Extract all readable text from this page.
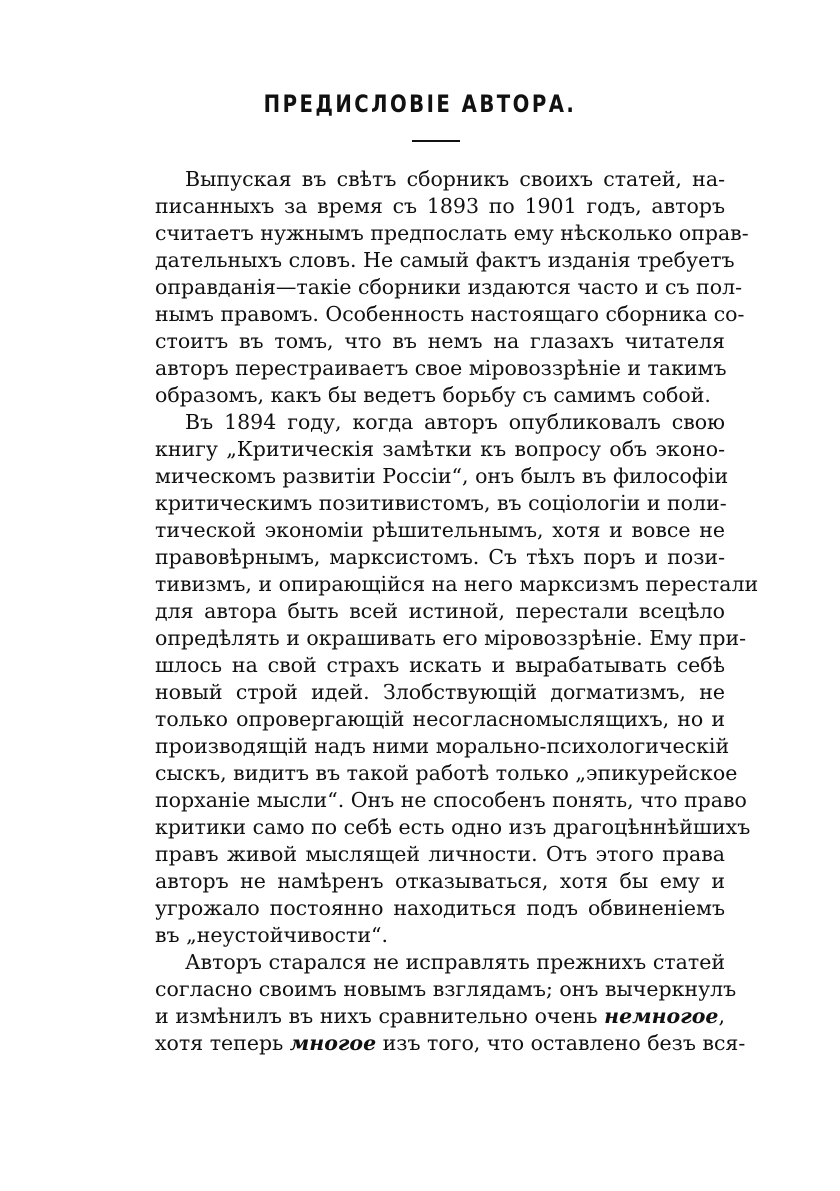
ПРЕДИСЛОВІЕ АВТОРА.
Выпуская въ свѣтъ сборникъ своихъ статей, на-
писанныхъ за время съ 1893 по 1901 годъ, авторъ
считаетъ нужнымъ предпослать ему нѣсколько оправ-
дательныхъ словъ. Не самый фактъ изданія требуетъ
оправданія—такіе сборники издаются часто и съ пол-
нымъ правомъ. Особенность настоящаго сборника со-
стоитъ въ томъ, что въ немъ на глазахъ читателя
авторъ перестраиваетъ свое міровоззрѣніе и такимъ
образомъ, какъ бы ведетъ борьбу съ самимъ собой.
Въ 1894 году, когда авторъ опубликовалъ свою
книгу „Критическія замѣтки къ вопросу объ эконо-
мическомъ развитіи Россіи“, онъ былъ въ философіи
критическимъ позитивистомъ, въ соціологіи и поли-
тической экономіи рѣшительнымъ, хотя и вовсе не
правовѣрнымъ, марксистомъ. Съ тѣхъ поръ и пози-
тивизмъ, и опирающійся на него марксизмъ перестали
для автора быть всей истиной, перестали всецѣло
опредѣлять и окрашивать его міровоззрѣніе. Ему при-
шлось на свой страхъ искать и вырабатывать себѣ
новый строй идей. Злобствующій догматизмъ, не
только опровергающій несогласномыслящихъ, но и
производящій надъ ними морально-психологическій
сыскъ, видитъ въ такой работѣ только „эпикурейское
порханіе мысли“. Онъ не способенъ понять, что право
критики само по себѣ есть одно изъ драгоцѣннѣйшихъ
правъ живой мыслящей личности. Отъ этого права
авторъ не намѣренъ отказываться, хотя бы ему и
угрожало постоянно находиться подъ обвиненіемъ
въ „неустойчивости“.
Авторъ старался не исправлять прежнихъ статей
согласно своимъ новымъ взглядамъ; онъ вычеркнулъ
и измѣнилъ въ нихъ сравнительно очень немногое,
хотя теперь многое изъ того, что оставлено безъ вся-
